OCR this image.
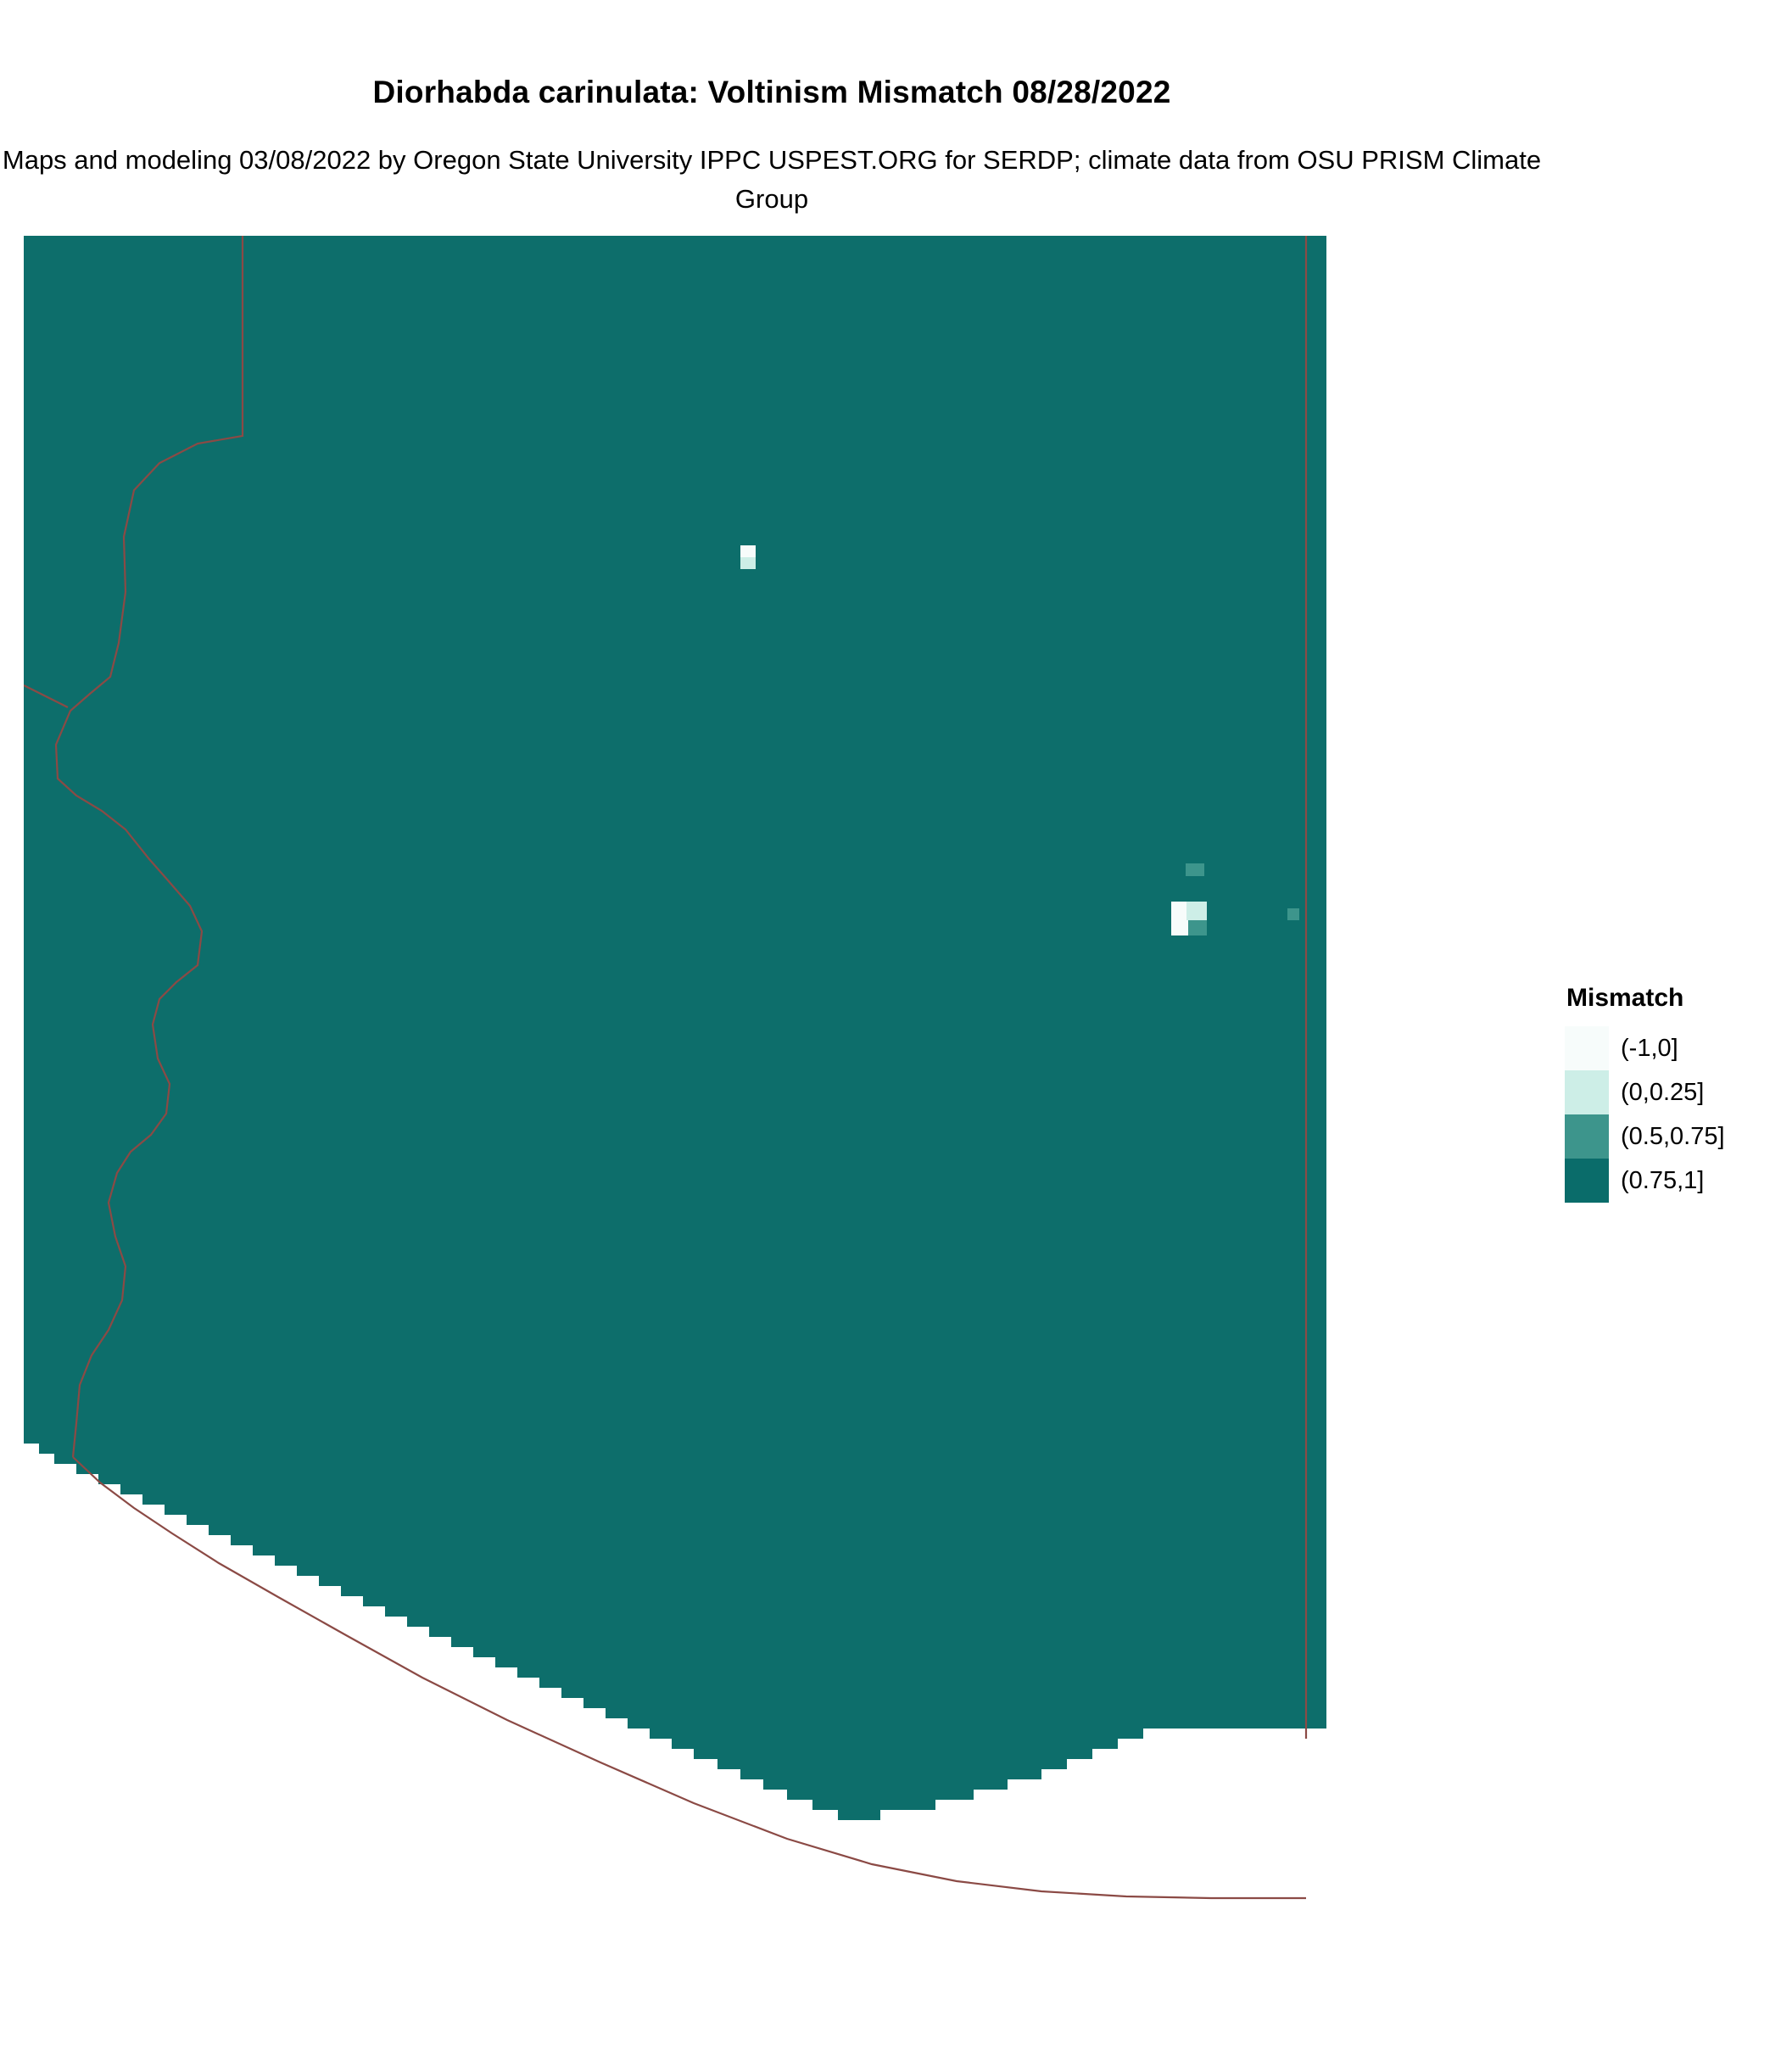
Diorhabda carinulata: Voltinism Mismatch 08/28/2022
Maps and modeling 03/08/2022 by Oregon State University IPPC USPEST.ORG for SERDP; climate data from OSU PRISM Climate Group
Mismatch
(-1,0]
(0,0.25]
(0.5,0.75]
(0.75,1]
